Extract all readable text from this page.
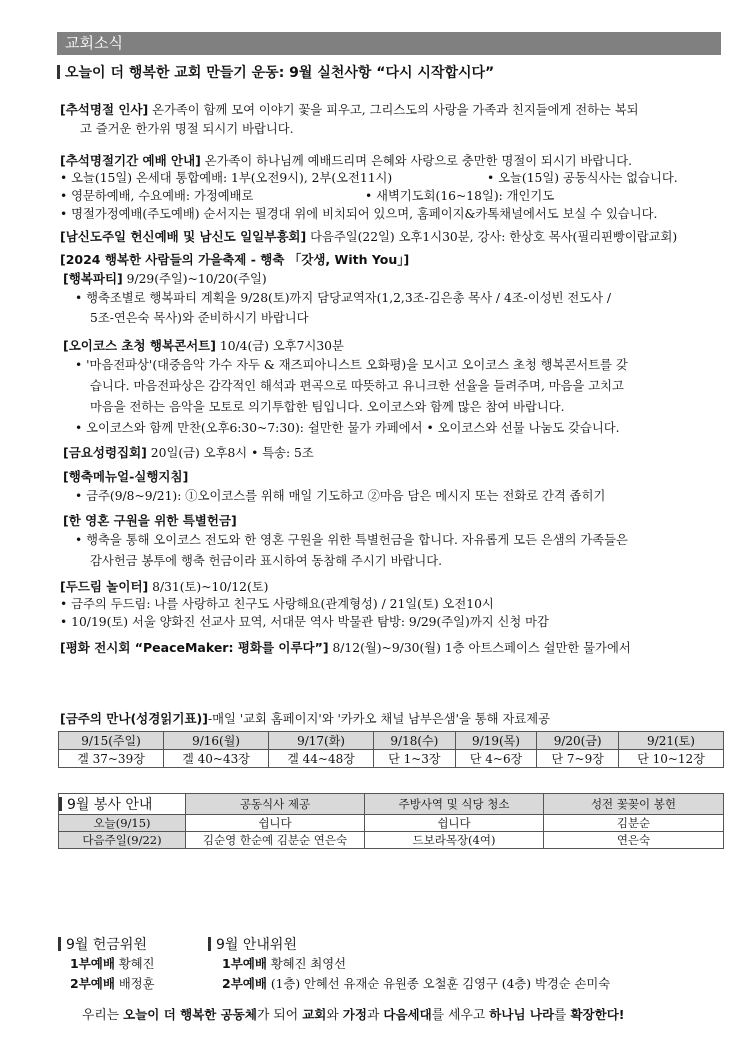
교회소식
오늘이 더 행복한 교회 만들기 운동: 9월 실천사항 “다시 시작합시다”
[추석명절 인사] 온가족이 함께 모여 이야기 꽃을 피우고, 그리스도의 사랑을 가족과 친지들에게 전하는 복되
고 즐거운 한가위 명절 되시기 바랍니다.
[추석명절기간 예배 안내] 온가족이 하나님께 예배드리며 은혜와 사랑으로 충만한 명절이 되시기 바랍니다.
• 오늘(15일) 온세대 통합예배: 1부(오전9시), 2부(오전11시)	• 오늘(15일) 공동식사는 없습니다.
• 영문하예배, 수요예배: 가정예배로	• 새벽기도회(16~18일): 개인기도
• 명절가정예배(주도예배) 순서지는 필경대 위에 비치되어 있으며, 홈페이지&카톡채널에서도 보실 수 있습니다.
[남신도주일 헌신예배 및 남신도 일일부흥회] 다음주일(22일) 오후1시30분, 강사: 한상호 목사(필리핀빵이랍교회)
[2024 행복한 사람들의 가을축제 - 행축 「갓생, With You」]
[행복파티] 9/29(주일)~10/20(주일)
• 행축조별로 행복파티 계획을 9/28(토)까지 담당교역자(1,2,3조-김은총 목사 / 4조-이성빈 전도사 /
5조-연은숙 목사)와 준비하시기 바랍니다
[오이코스 초청 행복콘서트] 10/4(금) 오후7시30분
• '마음전파상'(대중음악 가수 자두 & 재즈피아니스트 오화평)을 모시고 오이코스 초청 행복콘서트를 갖
습니다. 마음전파상은 감각적인 해석과 편곡으로 따뜻하고 유니크한 선율을 들려주며, 마음을 고치고
마음을 전하는 음악을 모토로 의기투합한 팀입니다. 오이코스와 함께 많은 참여 바랍니다.
• 오이코스와 함께 만찬(오후6:30~7:30): 쉴만한 물가 카페에서 • 오이코스와 선물 나눔도 갖습니다.
[금요성령집회] 20일(금) 오후8시 • 특송: 5조
[행축메뉴얼-실행지침]
• 금주(9/8~9/21): ①오이코스를 위해 매일 기도하고 ②마음 담은 메시지 또는 전화로 간격 좁히기
[한 영혼 구원을 위한 특별헌금]
• 행축을 통해 오이코스 전도와 한 영혼 구원을 위한 특별헌금을 합니다. 자유롭게 모든 은샘의 가족들은
감사헌금 봉투에 행축 헌금이라 표시하여 동참해 주시기 바랍니다.
[두드림 놀이터] 8/31(토)~10/12(토)
• 금주의 두드림: 나를 사랑하고 친구도 사랑해요(관계형성) / 21일(토) 오전10시
• 10/19(토) 서울 양화진 선교사 묘역, 서대문 역사 박물관 탐방: 9/29(주일)까지 신청 마감
[평화 전시회 “PeaceMaker: 평화를 이루다”] 8/12(월)~9/30(월) 1층 아트스페이스 쉴만한 물가에서
[금주의 만나(성경읽기표)]-매일 '교회 홈페이지'와 '카카오 채널 남부은샘'을 통해 자료제공
9/15(주일)	9/16(월)	9/17(화)	9/18(수)	9/19(목)	9/20(금)	9/21(토)
겔 37~39장	겔 40~43장	겔 44~48장	단 1~3장	단 4~6장	단 7~9장	단 10~12장
9월 봉사 안내	공동식사 제공	주방사역 및 식당 청소	성전 꽃꽂이 봉헌
오늘(9/15)	쉽니다	쉽니다	김분순
다음주일(9/22)	김순영 한순예 김분순 연은숙	드보라목장(4여)	연은숙
9월 헌금위원
1부예배 황혜진
2부예배 배정훈
9월 안내위원
1부예배 황혜진 최영선
2부예배 (1층) 안혜선 유재순 유원종 오철훈 김영구 (4층) 박경순 손미숙
우리는 오늘이 더 행복한 공동체가 되어 교회와 가정과 다음세대를 세우고 하나님 나라를 확장한다!
